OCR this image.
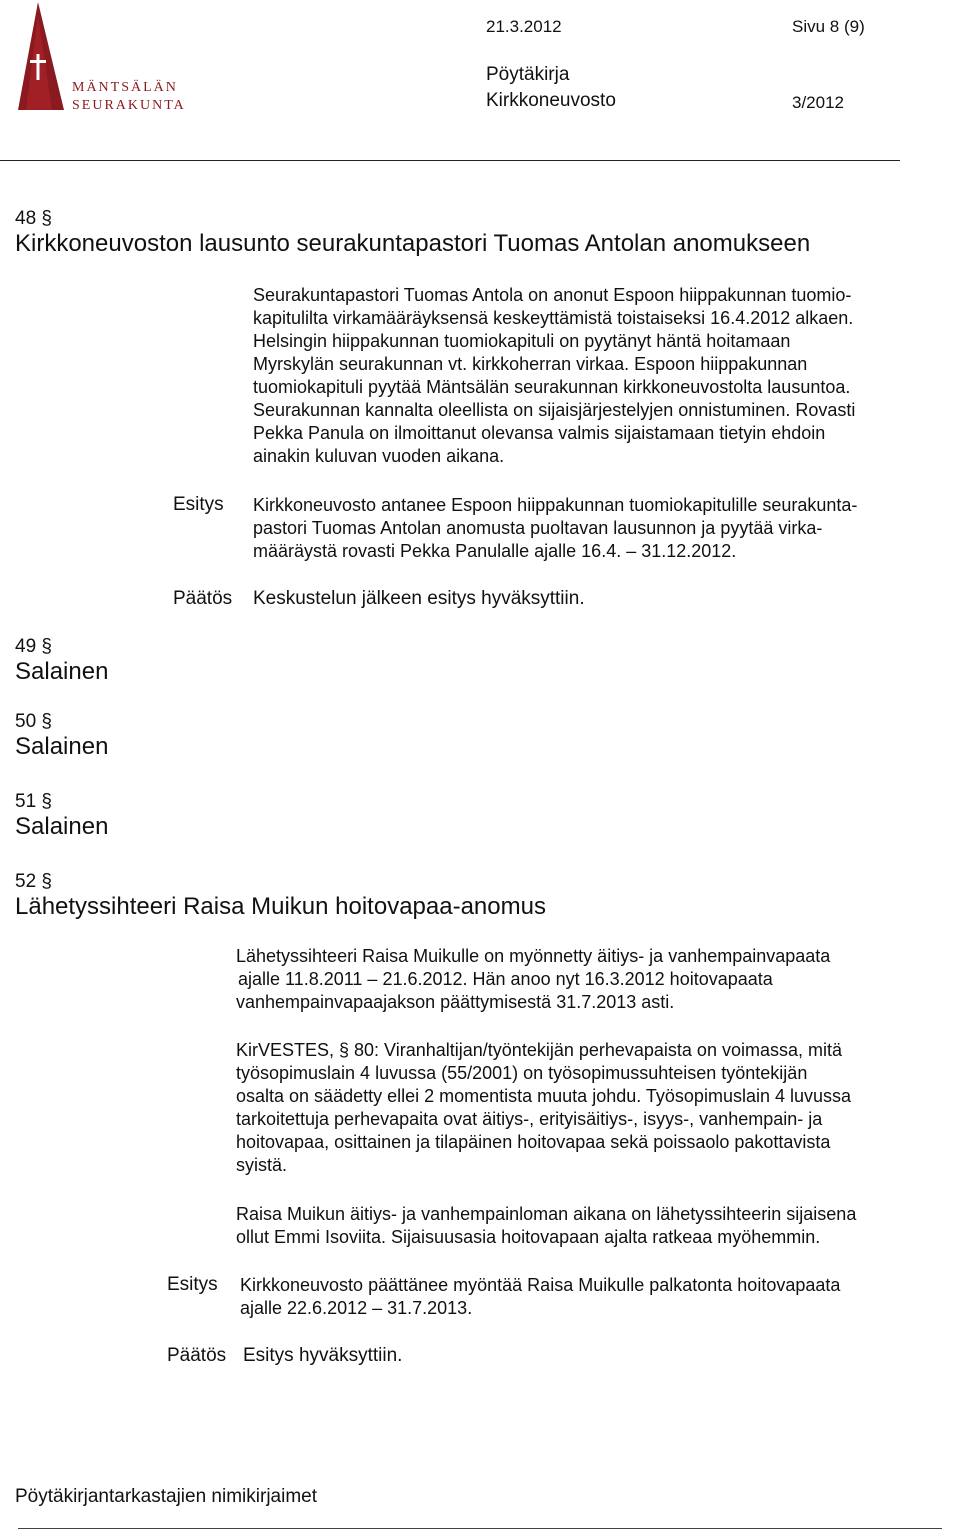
MÄNTSÄLÄN
SEURAKUNTA
21.3.2012	Sivu 8 (9)
Pöytäkirja
Kirkkoneuvosto	3/2012
48 §
Kirkkoneuvoston lausunto seurakuntapastori Tuomas Antolan anomukseen

Seurakuntapastori Tuomas Antola on anonut Espoon hiippakunnan tuomio-

kapitulilta virkamääräyksensä keskeyttämistä toistaiseksi 16.4.2012 alkaen.

Helsingin hiippakunnan tuomiokapituli on pyytänyt häntä hoitamaan

Myrskylän seurakunnan vt. kirkkoherran virkaa. Espoon hiippakunnan

tuomiokapituli pyytää Mäntsälän seurakunnan kirkkoneuvostolta lausuntoa.

Seurakunnan kannalta oleellista on sijaisjärjestelyjen onnistuminen. Rovasti

Pekka Panula on ilmoittanut olevansa valmis sijaistamaan tietyin ehdoin

ainakin kuluvan vuoden aikana.

Esitys Kirkkoneuvosto antanee Espoon hiippakunnan tuomiokapitulille seurakunta-

pastori Tuomas Antolan anomusta puoltavan lausunnon ja pyytää virka-

määräystä rovasti Pekka Panulalle ajalle 16.4. – 31.12.2012.

Päätös Keskustelun jälkeen esitys hyväksyttiin.
49 §
Salainen
50 §
Salainen
51 §
Salainen
52 §
Lähetyssihteeri Raisa Muikun hoitovapaa-anomus

Lähetyssihteeri Raisa Muikulle on myönnetty äitiys- ja vanhempainvapaata

ajalle 11.8.2011 – 21.6.2012. Hän anoo nyt 16.3.2012 hoitovapaata

vanhempainvapaajakson päättymisestä 31.7.2013 asti.

KirVESTES, § 80: Viranhaltijan/työntekijän perhevapaista on voimassa, mitä

työsopimuslain 4 luvussa (55/2001) on työsopimussuhteisen työntekijän

osalta on säädetty ellei 2 momentista muuta johdu. Työsopimuslain 4 luvussa

tarkoitettuja perhevapaita ovat äitiys-, erityisäitiys-, isyys-, vanhempain- ja

hoitovapaa, osittainen ja tilapäinen hoitovapaa sekä poissaolo pakottavista

syistä.

Raisa Muikun äitiys- ja vanhempainloman aikana on lähetyssihteerin sijaisena

ollut Emmi Isoviita. Sijaisuusasia hoitovapaan ajalta ratkeaa myöhemmin.

Esitys Kirkkoneuvosto päättänee myöntää Raisa Muikulle palkatonta hoitovapaata

ajalle 22.6.2012 – 31.7.2013.

Päätös Esitys hyväksyttiin.
Pöytäkirjantarkastajien nimikirjaimet
